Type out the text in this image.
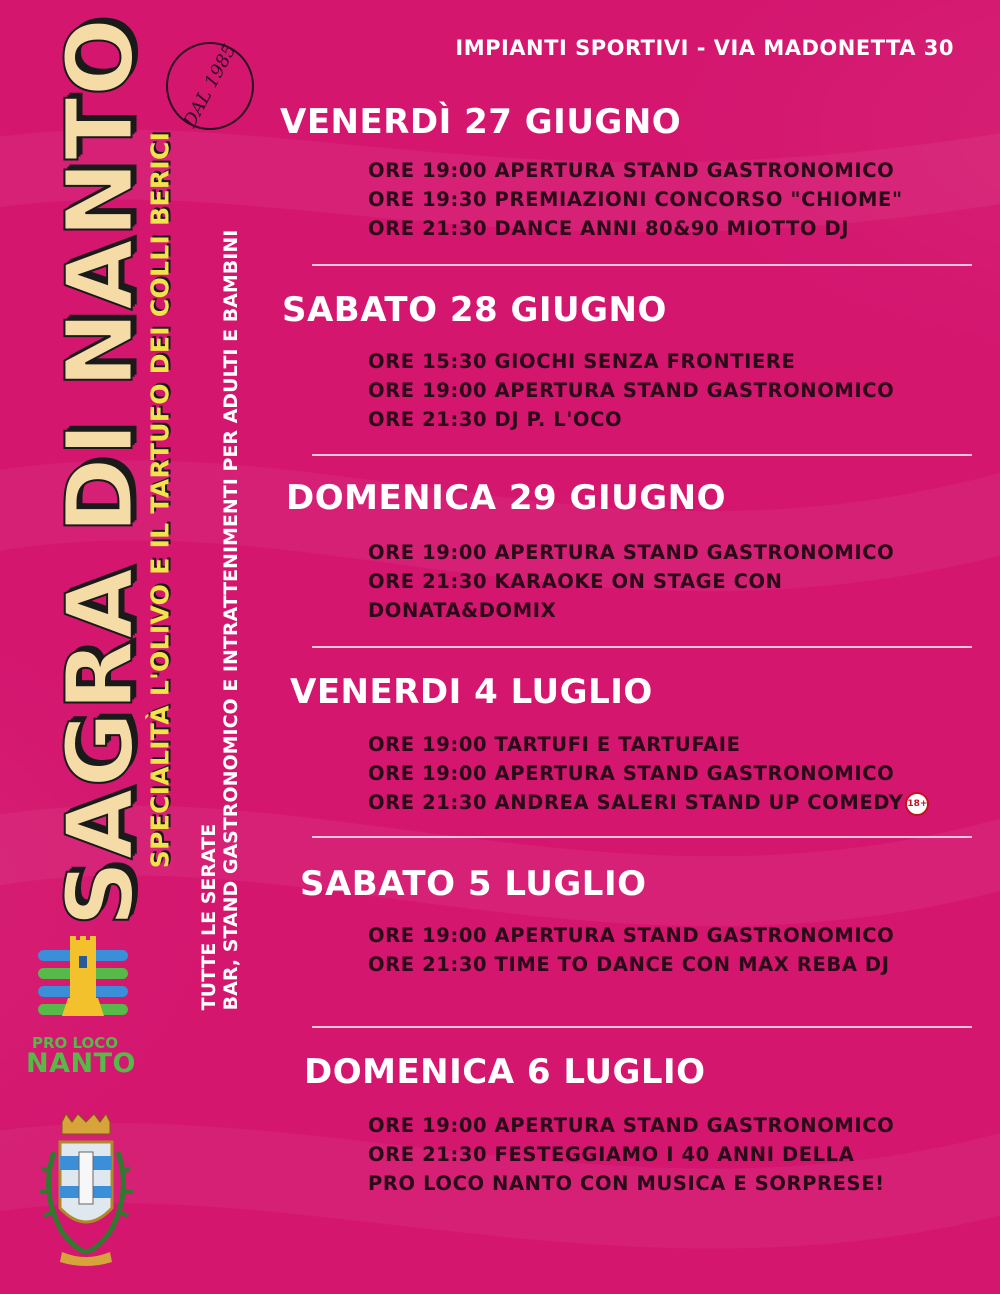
IMPIANTI SPORTIVI - VIA MADONETTA 30
SAGRA DI NANTO
SPECIALITÀ L'OLIVO E IL TARTUFO DEI COLLI BERICI
DAL 1985
TUTTE LE SERATE BAR, STAND GASTRONOMICO E INTRATTENIMENTI PER ADULTI E BAMBINI
VENERDÌ 27 GIUGNO
ORE 19:00 APERTURA STAND GASTRONOMICO
ORE 19:30 PREMIAZIONI CONCORSO "CHIOME"
ORE 21:30 DANCE ANNI 80&90 MIOTTO DJ
SABATO 28 GIUGNO
ORE 15:30 GIOCHI SENZA FRONTIERE
ORE 19:00 APERTURA STAND GASTRONOMICO
ORE 21:30 DJ P. L'OCO
DOMENICA 29 GIUGNO
ORE 19:00 APERTURA STAND GASTRONOMICO
ORE 21:30 KARAOKE ON STAGE CON
DONATA&DOMIX
VENERDI 4 LUGLIO
ORE 19:00 TARTUFI E TARTUFAIE
ORE 19:00 APERTURA STAND GASTRONOMICO
ORE 21:30 ANDREA SALERI STAND UP COMEDY 18+
SABATO 5 LUGLIO
ORE 19:00 APERTURA STAND GASTRONOMICO
ORE 21:30 TIME TO DANCE CON MAX REBA DJ
DOMENICA 6 LUGLIO
ORE 19:00 APERTURA STAND GASTRONOMICO
ORE 21:30 FESTEGGIAMO I 40 ANNI DELLA
PRO LOCO NANTO CON MUSICA E SORPRESE!
PRO LOCO
NANTO
